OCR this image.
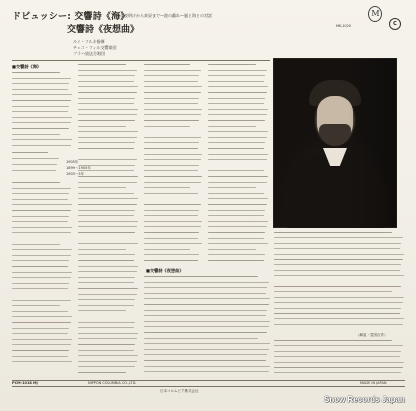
ドビュッシー: 交響詩《海》
交響詩《夜想曲》
—海の夜明けから真昼まで—波の戯れ—風と海との対話
ルイ・フルネ指揮
チェコ・フィル交響楽団
プラハ放送合唱団
MK-1020
M
C
■交響詩《海》
1905年
1899〜1905年
1903〜5年
■交響詩《夜想曲》
（解説・豊国吉作）
PCM-1018 MJ	NIPPON COLUMBIA CO.,LTD.
日本コロムビア株式会社
MADE IN JAPAN
Snow Records Japan
